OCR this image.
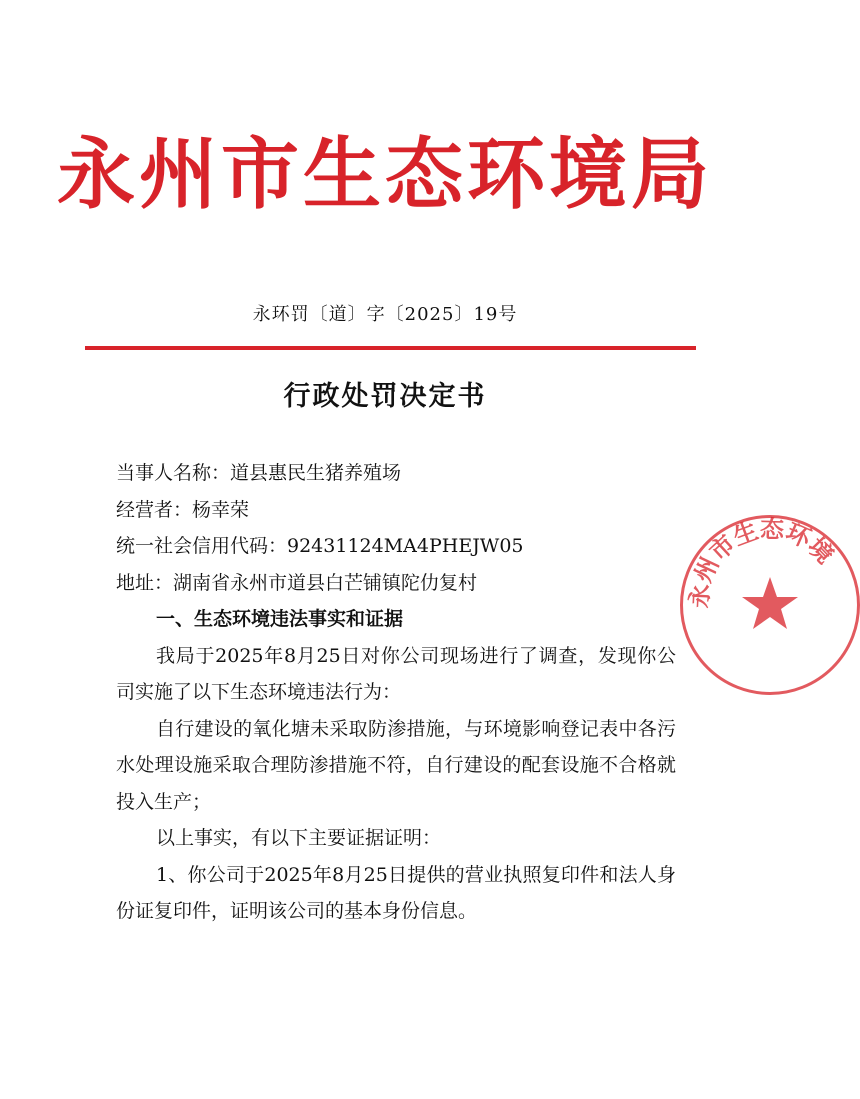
永州市生态环境局
永环罚〔道〕字〔2025〕19号
行政处罚决定书
当事人名称：道县惠民生猪养殖场
经营者：杨幸荣
统一社会信用代码：92431124MA4PHEJW05
地址：湖南省永州市道县白芒铺镇陀仂复村
一、生态环境违法事实和证据
我局于2025年8月25日对你公司现场进行了调查，发现你公司实施了以下生态环境违法行为：
自行建设的氧化塘未采取防渗措施，与环境影响登记表中各污水处理设施采取合理防渗措施不符，自行建设的配套设施不合格就投入生产；
以上事实，有以下主要证据证明：
1、你公司于2025年8月25日提供的营业执照复印件和法人身份证复印件，证明该公司的基本身份信息。
永州市生态环境
